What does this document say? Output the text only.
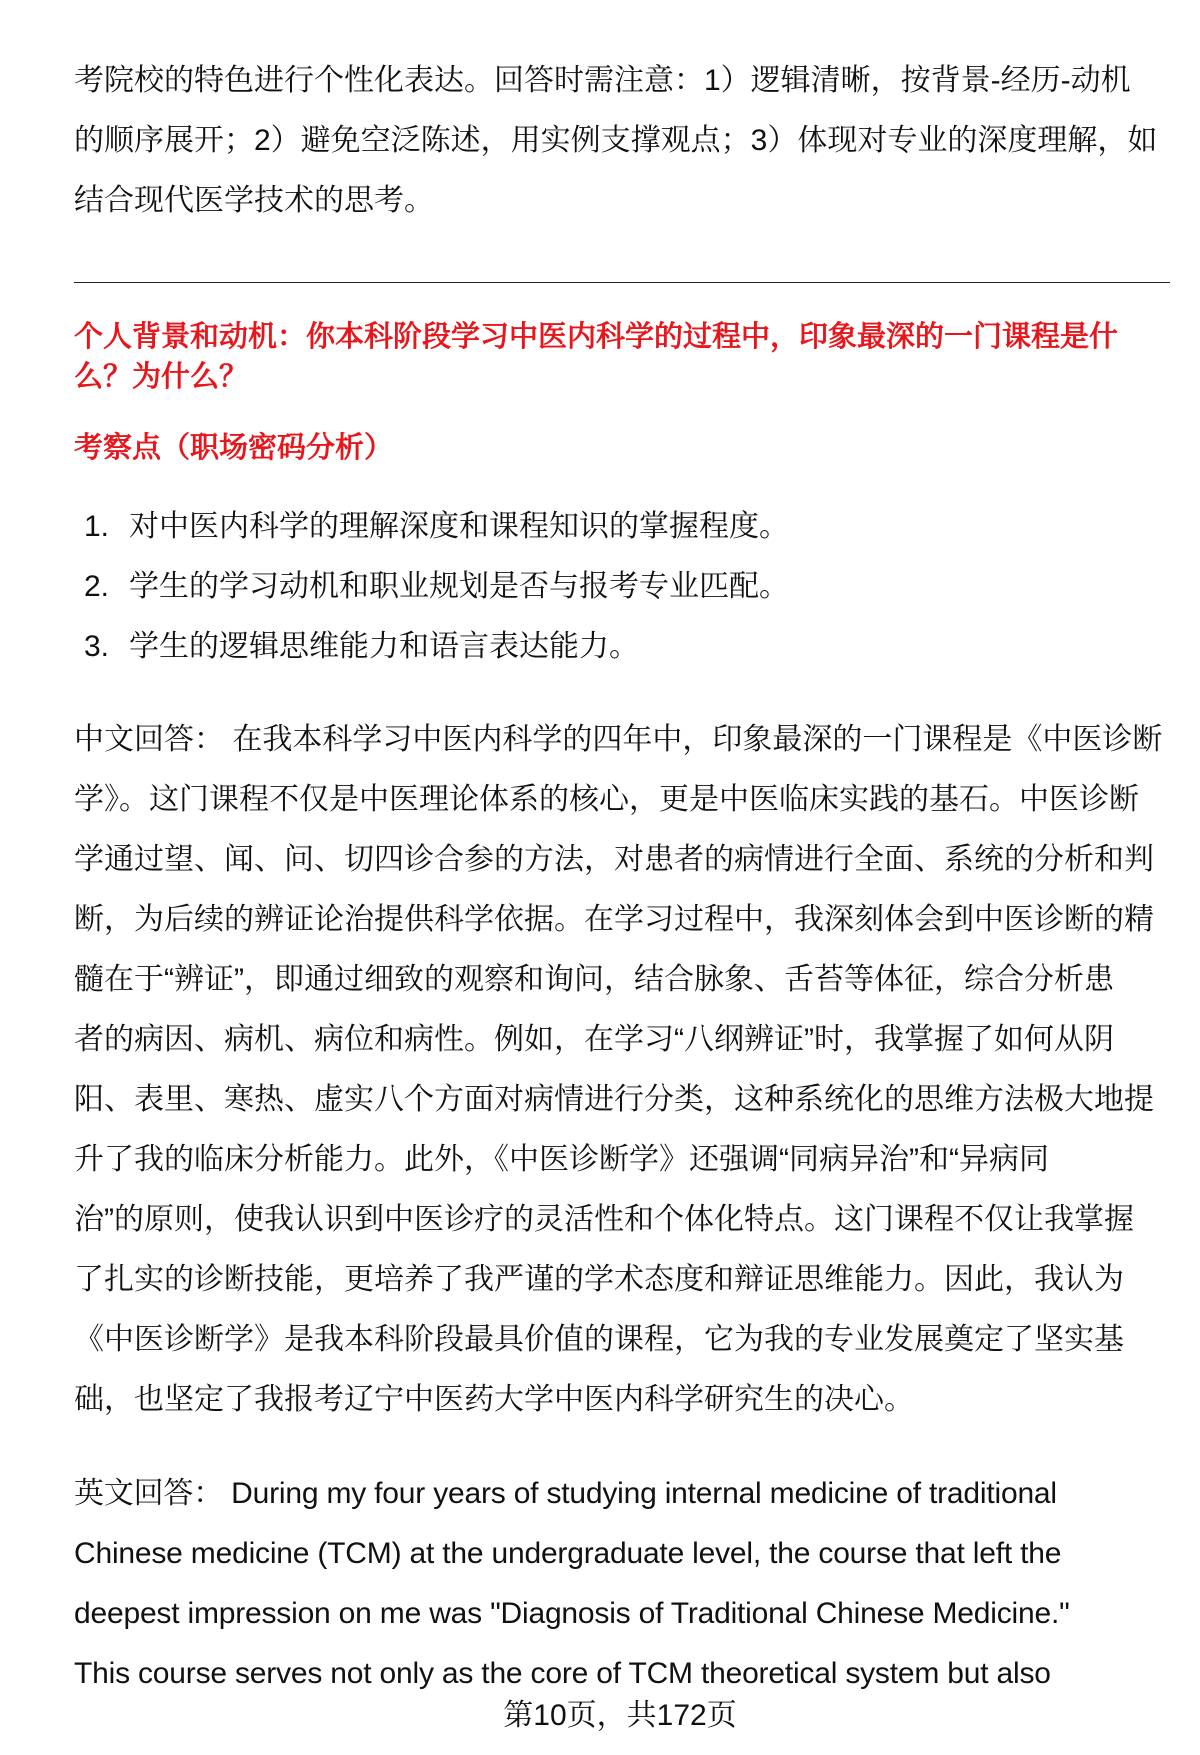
考院校的特色进行个性化表达。回答时需注意：1）逻辑清晰，按背景-经历-动机
的顺序展开；2）避免空泛陈述，用实例支撑观点；3）体现对专业的深度理解，如
结合现代医学技术的思考。
个人背景和动机：你本科阶段学习中医内科学的过程中，印象最深的一门课程是什
么？为什么？
考察点（职场密码分析）
1. 对中医内科学的理解深度和课程知识的掌握程度。
2. 学生的学习动机和职业规划是否与报考专业匹配。
3. 学生的逻辑思维能力和语言表达能力。
中文回答： 在我本科学习中医内科学的四年中，印象最深的一门课程是《中医诊断
学》。这门课程不仅是中医理论体系的核心，更是中医临床实践的基石。中医诊断
学通过望、闻、问、切四诊合参的方法，对患者的病情进行全面、系统的分析和判
断，为后续的辨证论治提供科学依据。在学习过程中，我深刻体会到中医诊断的精
髓在于“辨证”，即通过细致的观察和询问，结合脉象、舌苔等体征，综合分析患
者的病因、病机、病位和病性。例如，在学习“八纲辨证”时，我掌握了如何从阴
阳、表里、寒热、虚实八个方面对病情进行分类，这种系统化的思维方法极大地提
升了我的临床分析能力。此外，《中医诊断学》还强调“同病异治”和“异病同
治”的原则，使我认识到中医诊疗的灵活性和个体化特点。这门课程不仅让我掌握
了扎实的诊断技能，更培养了我严谨的学术态度和辩证思维能力。因此，我认为
《中医诊断学》是我本科阶段最具价值的课程，它为我的专业发展奠定了坚实基
础，也坚定了我报考辽宁中医药大学中医内科学研究生的决心。
英文回答： During my four years of studying internal medicine of traditional
Chinese medicine (TCM) at the undergraduate level, the course that left the
deepest impression on me was "Diagnosis of Traditional Chinese Medicine."
This course serves not only as the core of TCM theoretical system but also
第10页，共172页
